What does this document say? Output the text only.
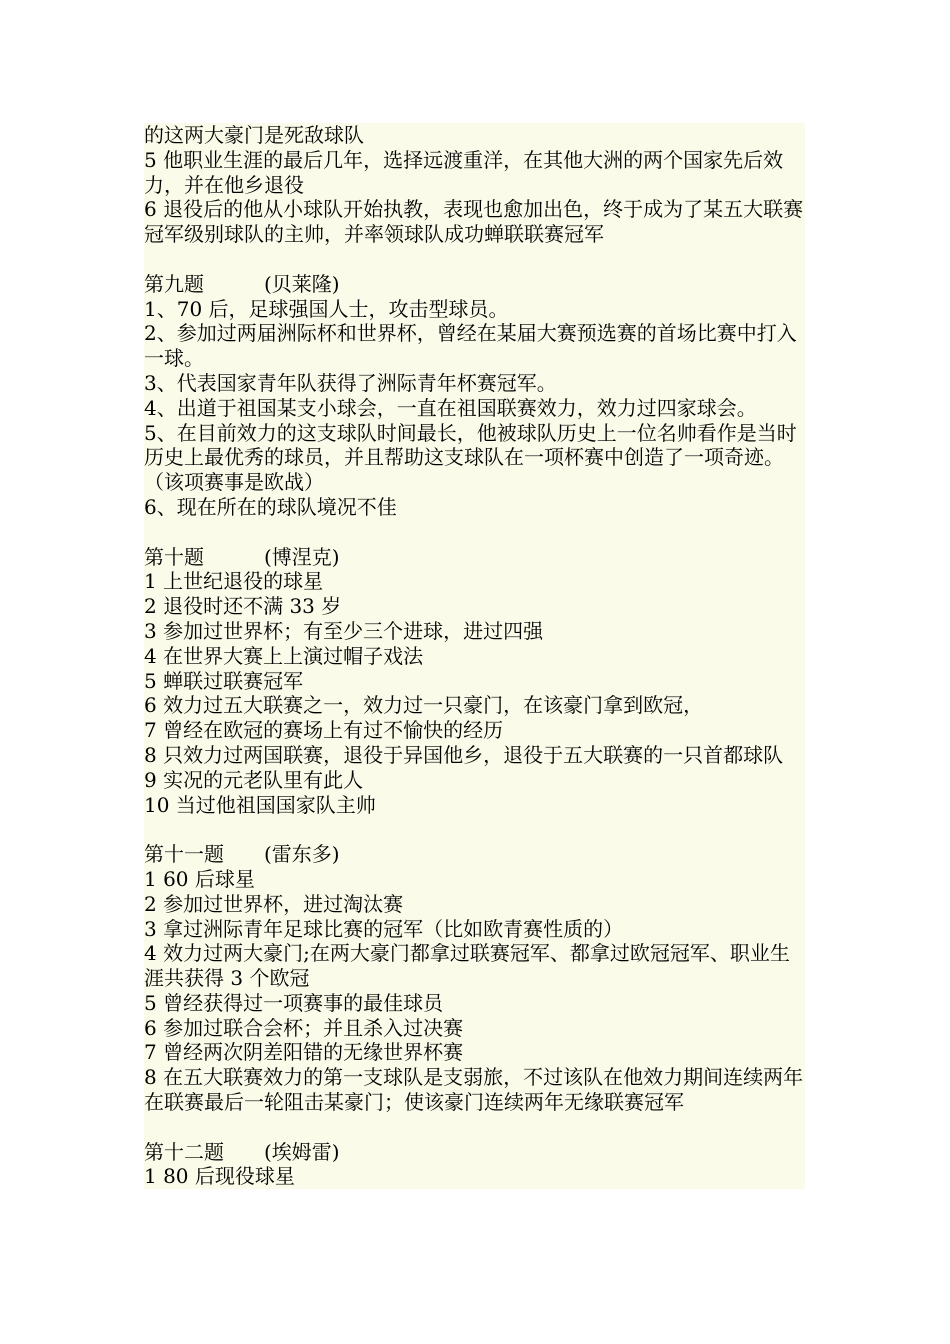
的这两大豪门是死敌球队
5 他职业生涯的最后几年，选择远渡重洋，在其他大洲的两个国家先后效力，并在他乡退役
6 退役后的他从小球队开始执教，表现也愈加出色，终于成为了某五大联赛冠军级别球队的主帅，并率领球队成功蝉联联赛冠军
第九题	(贝莱隆)
1、70 后，足球强国人士，攻击型球员。
2、参加过两届洲际杯和世界杯，曾经在某届大赛预选赛的首场比赛中打入一球。
3、代表国家青年队获得了洲际青年杯赛冠军。
4、出道于祖国某支小球会，一直在祖国联赛效力，效力过四家球会。
5、在目前效力的这支球队时间最长，他被球队历史上一位名帅看作是当时历史上最优秀的球员，并且帮助这支球队在一项杯赛中创造了一项奇迹。（该项赛事是欧战）
6、现在所在的球队境况不佳
第十题	(博涅克)
1 上世纪退役的球星
2 退役时还不满 33 岁
3 参加过世界杯；有至少三个进球，进过四强
4 在世界大赛上上演过帽子戏法
5 蝉联过联赛冠军
6 效力过五大联赛之一，效力过一只豪门，在该豪门拿到欧冠，
7 曾经在欧冠的赛场上有过不愉快的经历
8 只效力过两国联赛，退役于异国他乡，退役于五大联赛的一只首都球队
9 实况的元老队里有此人
10 当过他祖国国家队主帅
第十一题 (雷东多)
1 60 后球星
2 参加过世界杯，进过淘汰赛
3 拿过洲际青年足球比赛的冠军（比如欧青赛性质的）
4 效力过两大豪门;在两大豪门都拿过联赛冠军、都拿过欧冠冠军、职业生涯共获得 3 个欧冠
5 曾经获得过一项赛事的最佳球员
6 参加过联合会杯；并且杀入过决赛
7 曾经两次阴差阳错的无缘世界杯赛
8 在五大联赛效力的第一支球队是支弱旅，不过该队在他效力期间连续两年在联赛最后一轮阻击某豪门；使该豪门连续两年无缘联赛冠军
第十二题 (埃姆雷)
1 80 后现役球星
